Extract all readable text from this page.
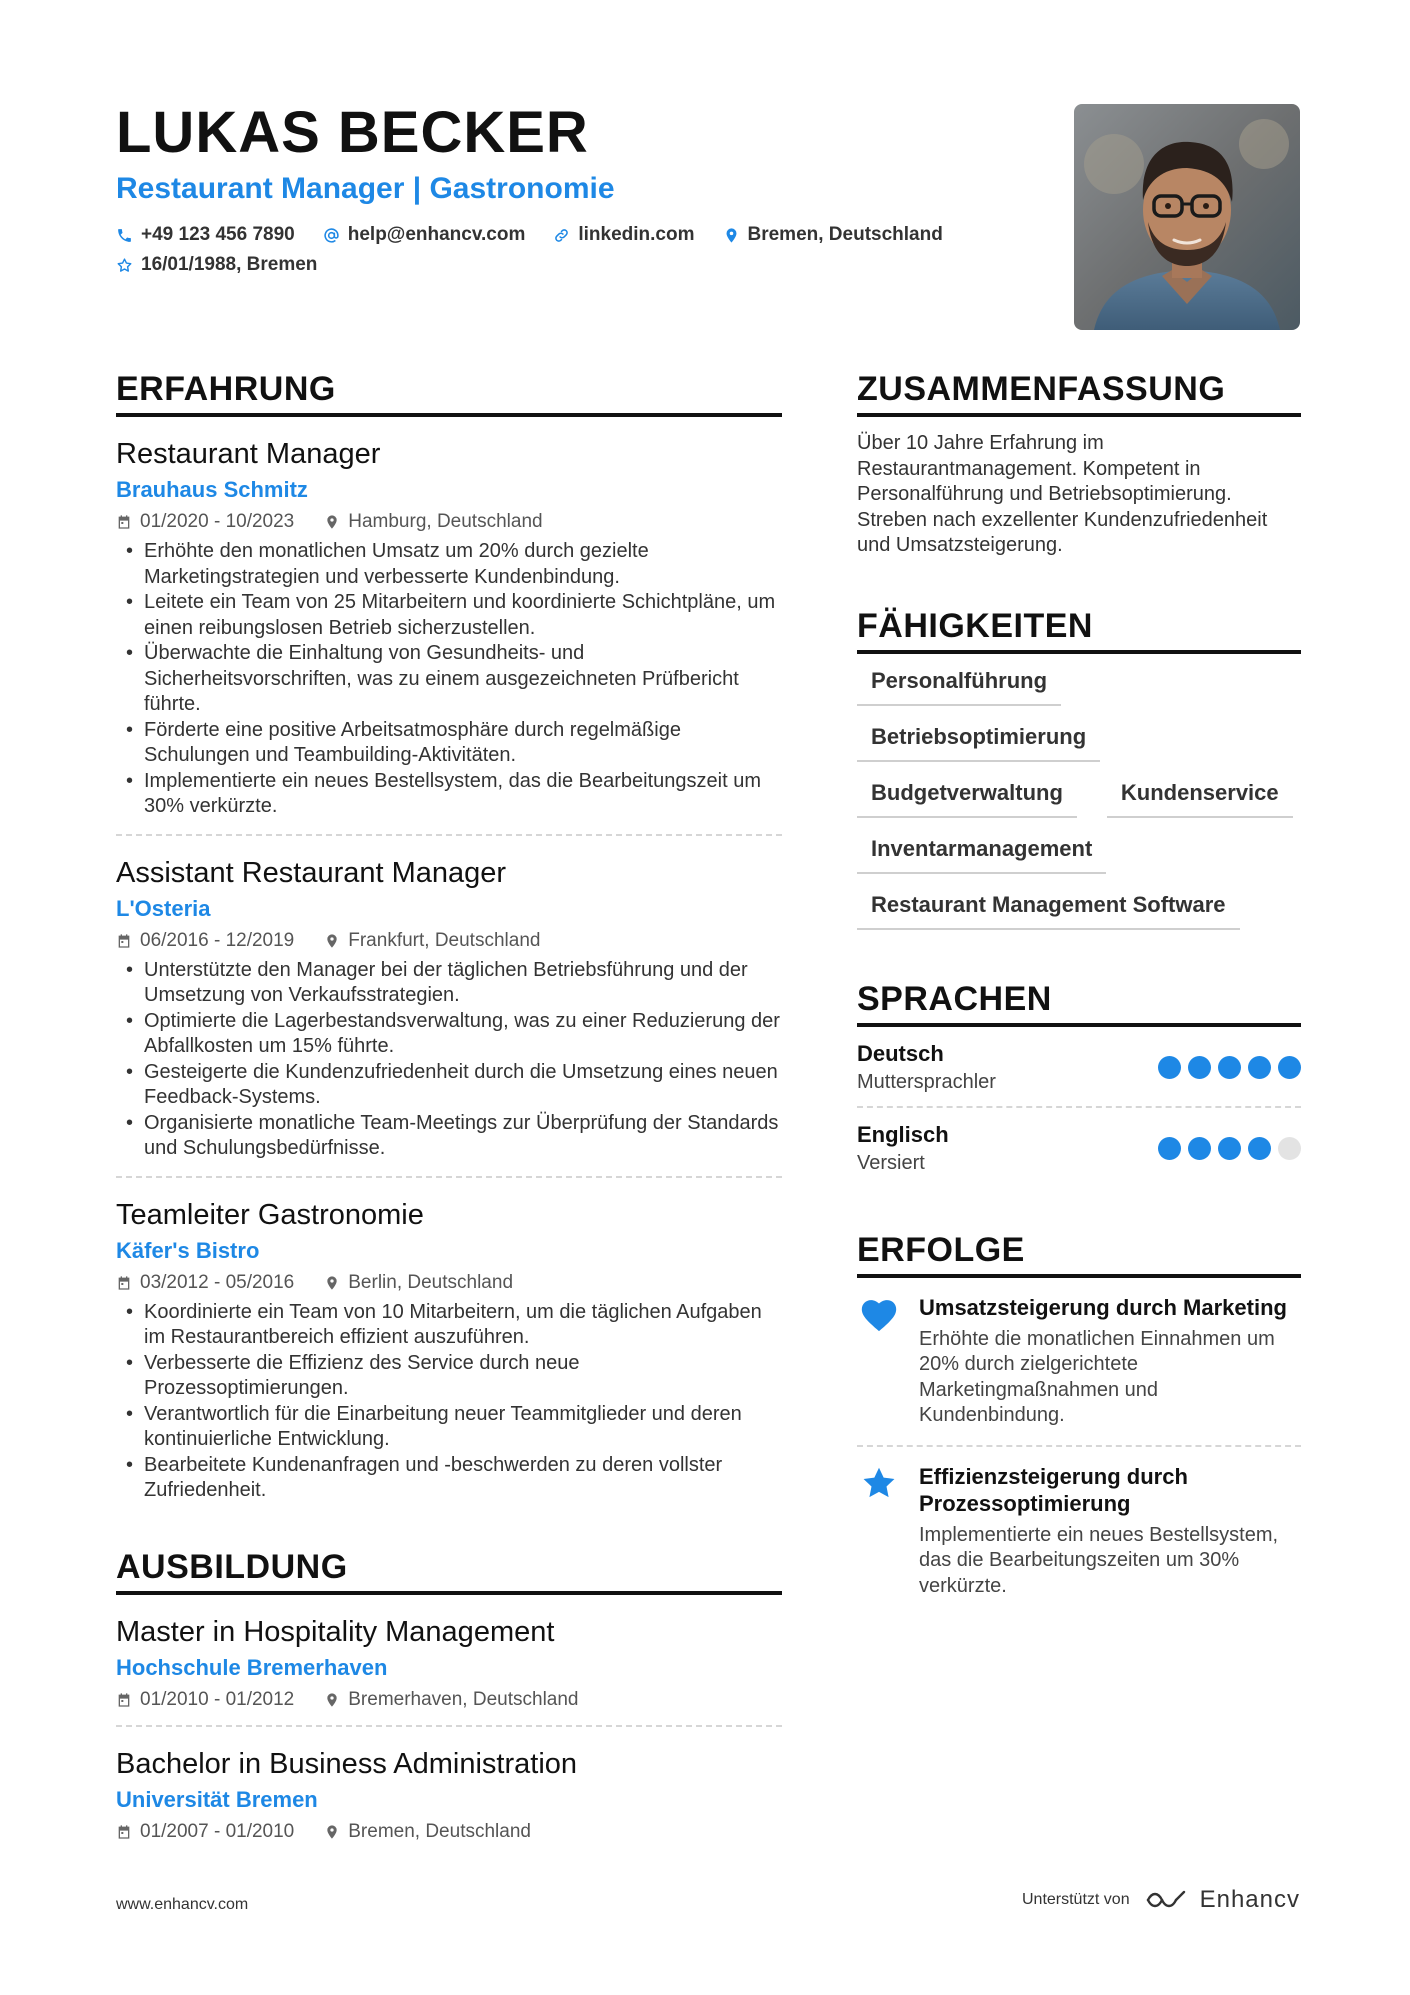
LUKAS BECKER
Restaurant Manager | Gastronomie
+49 123 456 7890	help@enhancv.com	linkedin.com	Bremen, Deutschland
16/01/1988, Bremen
ERFAHRUNG
Restaurant Manager
Brauhaus Schmitz
01/2020 - 10/2023	Hamburg, Deutschland
• Erhöhte den monatlichen Umsatz um 20% durch gezielte Marketingstrategien und verbesserte Kundenbindung.
• Leitete ein Team von 25 Mitarbeitern und koordinierte Schichtpläne, um einen reibungslosen Betrieb sicherzustellen.
• Überwachte die Einhaltung von Gesundheits- und Sicherheitsvorschriften, was zu einem ausgezeichneten Prüfbericht führte.
• Förderte eine positive Arbeitsatmosphäre durch regelmäßige Schulungen und Teambuilding-Aktivitäten.
• Implementierte ein neues Bestellsystem, das die Bearbeitungszeit um 30% verkürzte.
Assistant Restaurant Manager
L'Osteria
06/2016 - 12/2019	Frankfurt, Deutschland
• Unterstützte den Manager bei der täglichen Betriebsführung und der Umsetzung von Verkaufsstrategien.
• Optimierte die Lagerbestandsverwaltung, was zu einer Reduzierung der Abfallkosten um 15% führte.
• Gesteigerte die Kundenzufriedenheit durch die Umsetzung eines neuen Feedback-Systems.
• Organisierte monatliche Team-Meetings zur Überprüfung der Standards und Schulungsbedürfnisse.
Teamleiter Gastronomie
Käfer's Bistro
03/2012 - 05/2016	Berlin, Deutschland
• Koordinierte ein Team von 10 Mitarbeitern, um die täglichen Aufgaben im Restaurantbereich effizient auszuführen.
• Verbesserte die Effizienz des Service durch neue Prozessoptimierungen.
• Verantwortlich für die Einarbeitung neuer Teammitglieder und deren kontinuierliche Entwicklung.
• Bearbeitete Kundenanfragen und -beschwerden zu deren vollster Zufriedenheit.
AUSBILDUNG
Master in Hospitality Management
Hochschule Bremerhaven
01/2010 - 01/2012	Bremerhaven, Deutschland
Bachelor in Business Administration
Universität Bremen
01/2007 - 01/2010	Bremen, Deutschland
ZUSAMMENFASSUNG
Über 10 Jahre Erfahrung im Restaurantmanagement. Kompetent in Personalführung und Betriebsoptimierung. Streben nach exzellenter Kundenzufriedenheit und Umsatzsteigerung.
FÄHIGKEITEN
Personalführung
Betriebsoptimierung
Budgetverwaltung	Kundenservice
Inventarmanagement
Restaurant Management Software
SPRACHEN
Deutsch
Muttersprachler
Englisch
Versiert
ERFOLGE
Umsatzsteigerung durch Marketing
Erhöhte die monatlichen Einnahmen um 20% durch zielgerichtete Marketingmaßnahmen und Kundenbindung.
Effizienzsteigerung durch Prozessoptimierung
Implementierte ein neues Bestellsystem, das die Bearbeitungszeiten um 30% verkürzte.
www.enhancv.com	Unterstützt von	Enhancv
